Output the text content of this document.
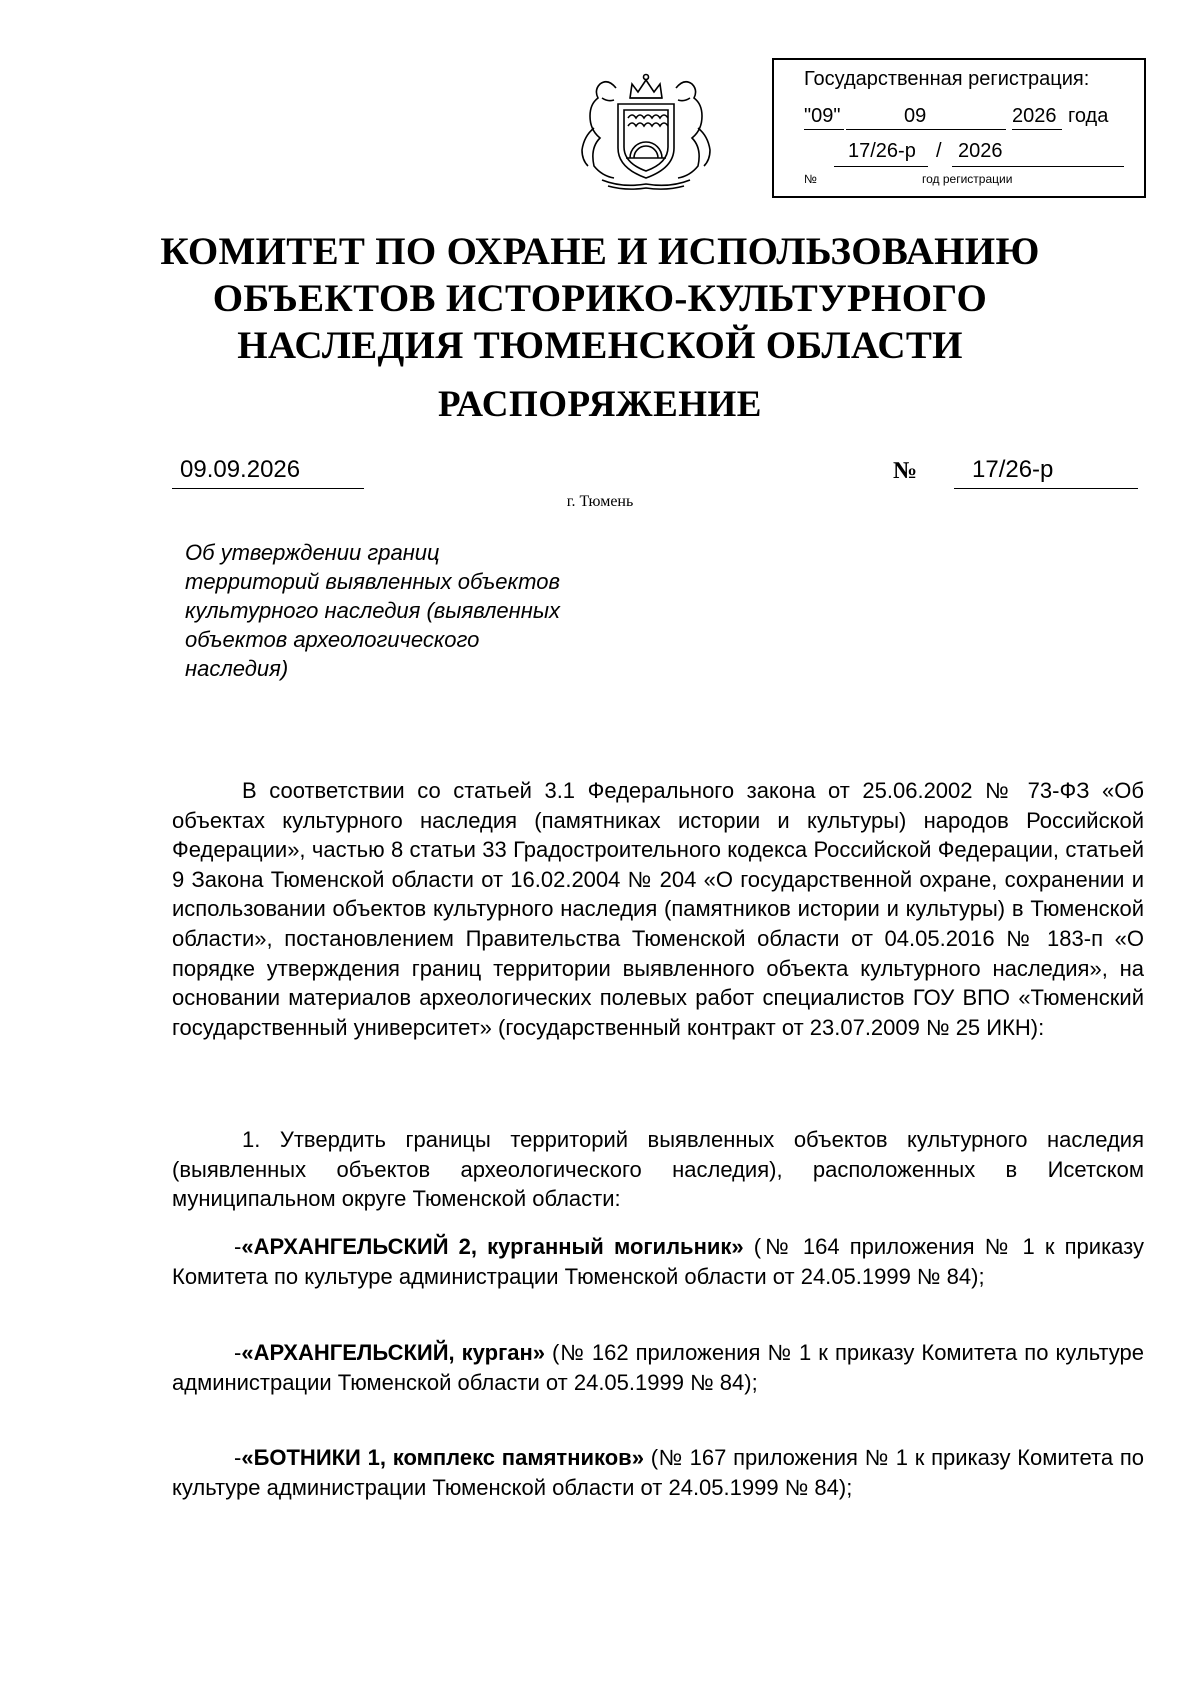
Государственная регистрация:
"09"	09	2026 года
17/26-р / 2026
№	год регистрации
КОМИТЕТ ПО ОХРАНЕ И ИСПОЛЬЗОВАНИЮ
ОБЪЕКТОВ ИСТОРИКО-КУЛЬТУРНОГО
НАСЛЕДИЯ ТЮМЕНСКОЙ ОБЛАСТИ
РАСПОРЯЖЕНИЕ
09.09.2026	№ 17/26-р
г. Тюмень
Об утверждении границ
территорий выявленных объектов
культурного наследия (выявленных
объектов археологического
наследия)

В соответствии со статьей 3.1 Федерального закона от 25.06.2002 № 73-ФЗ «Об объектах культурного наследия (памятниках истории и культуры) народов Российской Федерации», частью 8 статьи 33 Градостроительного кодекса Российской Федерации, статьей 9 Закона Тюменской области от 16.02.2004 № 204 «О государственной охране, сохранении и использовании объектов культурного наследия (памятников истории и культуры) в Тюменской области», постановлением Правительства Тюменской области от 04.05.2016 № 183-п «О порядке утверждения границ территории выявленного объекта культурного наследия», на основании материалов археологических полевых работ специалистов ГОУ ВПО «Тюменский государственный университет» (государственный контракт от 23.07.2009 № 25 ИКН):

1. Утвердить границы территорий выявленных объектов культурного наследия (выявленных объектов археологического наследия), расположенных в Исетском муниципальном округе Тюменской области:

-«АРХАНГЕЛЬСКИЙ 2, курганный могильник» (№ 164 приложения № 1 к приказу Комитета по культуре администрации Тюменской области от 24.05.1999 № 84);

-«АРХАНГЕЛЬСКИЙ, курган» (№ 162 приложения № 1 к приказу Комитета по культуре администрации Тюменской области от 24.05.1999 № 84);

-«БОТНИКИ 1, комплекс памятников» (№ 167 приложения № 1 к приказу Комитета по культуре администрации Тюменской области от 24.05.1999 № 84);
